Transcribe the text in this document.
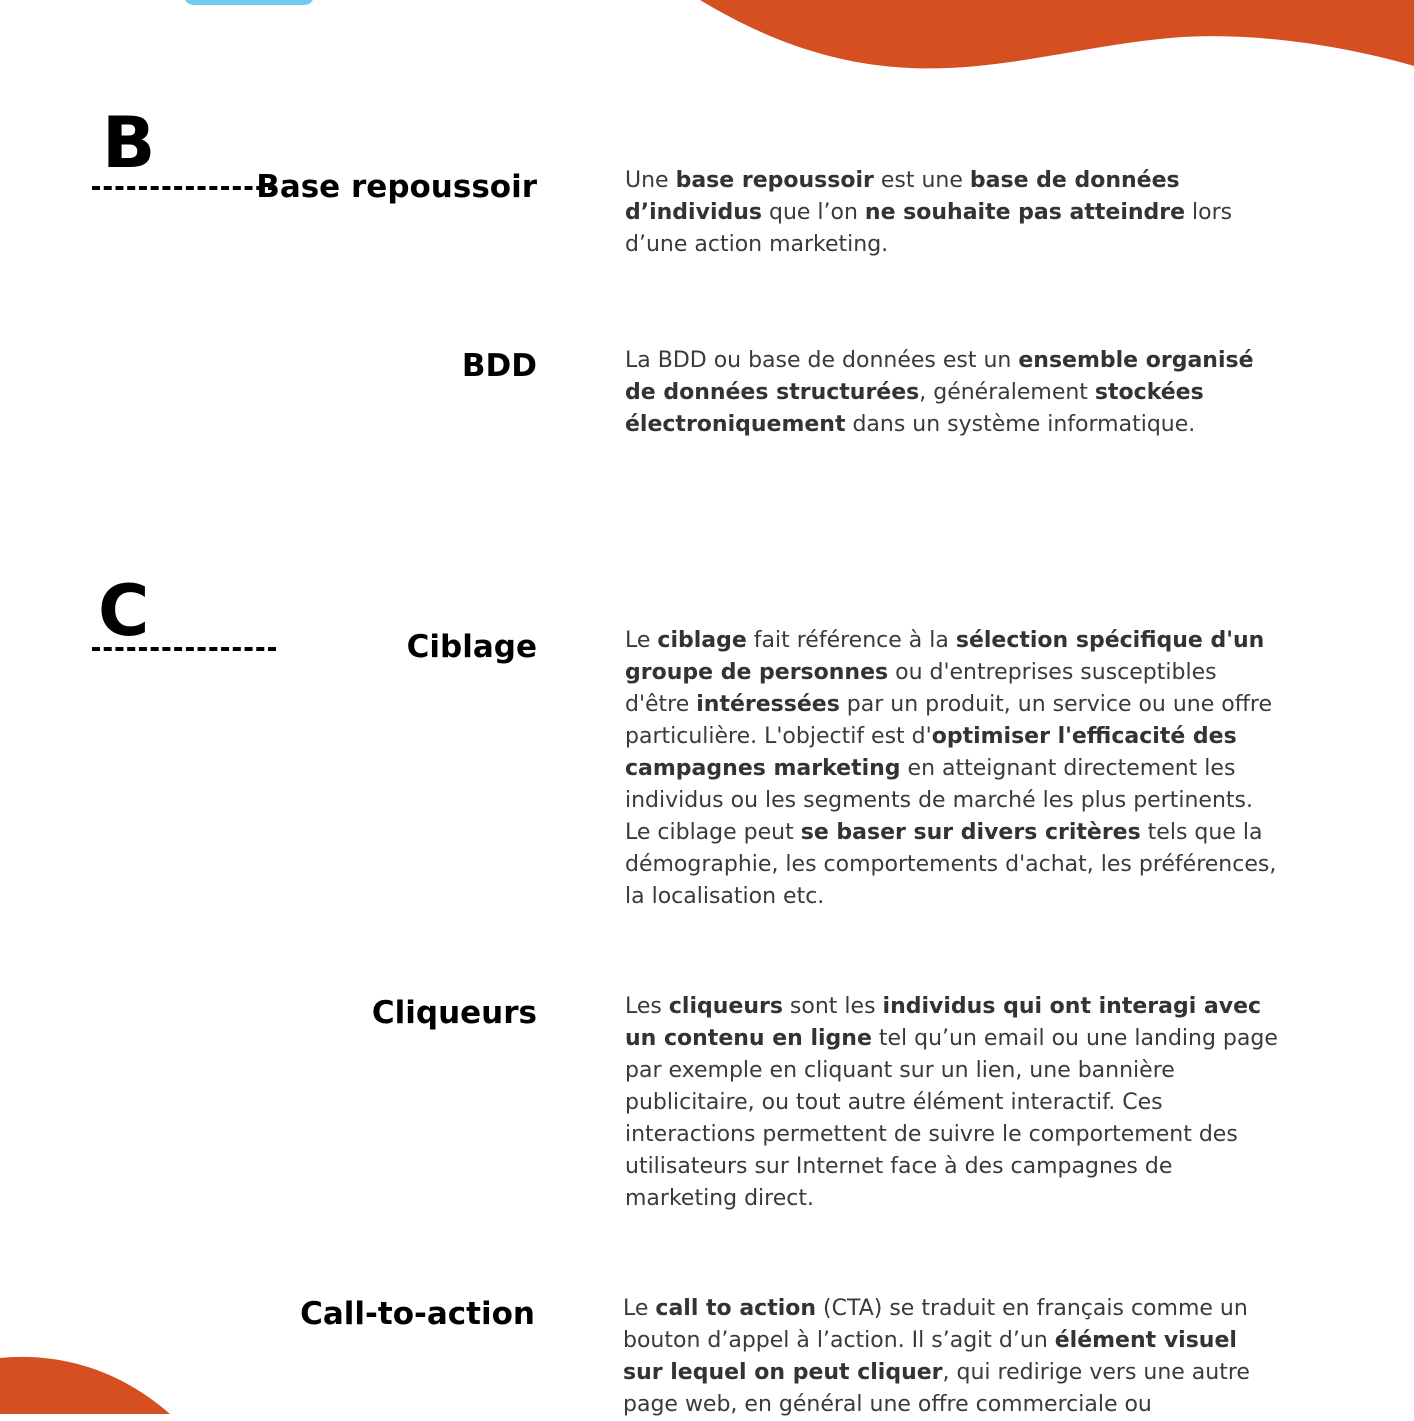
B
Base repoussoir	Une base repoussoir est une base de données d’individus que l’on ne souhaite pas atteindre lors d’une action marketing.

BDD	La BDD ou base de données est un ensemble organisé de données structurées, généralement stockées électroniquement dans un système informatique.

C	Ciblage	Le ciblage fait référence à la sélection spécifique d'un groupe de personnes ou d'entreprises susceptibles d'être intéressées par un produit, un service ou une offre particulière. L'objectif est d'optimiser l'efficacité des campagnes marketing en atteignant directement les individus ou les segments de marché les plus pertinents. Le ciblage peut se baser sur divers critères tels que la démographie, les comportements d'achat, les préférences, la localisation etc.

Cliqueurs	Les cliqueurs sont les individus qui ont interagi avec un contenu en ligne tel qu’un email ou une landing page par exemple en cliquant sur un lien, une bannière publicitaire, ou tout autre élément interactif. Ces interactions permettent de suivre le comportement des utilisateurs sur Internet face à des campagnes de marketing direct.

Call-to-action	Le call to action (CTA) se traduit en français comme un bouton d’appel à l’action. Il s’agit d’un élément visuel sur lequel on peut cliquer, qui redirige vers une autre page web, en général une offre commerciale ou
